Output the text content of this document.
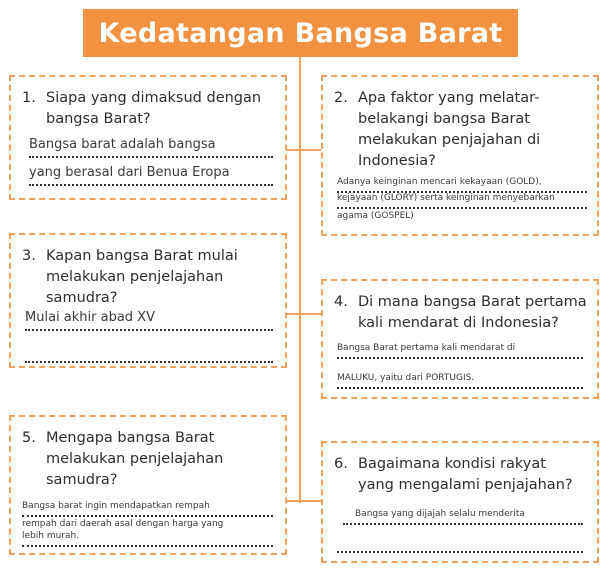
Kedatangan Bangsa Barat
1. Siapa yang dimaksud dengan
bangsa Barat?
Bangsa barat adalah bangsa
yang berasal dari Benua Eropa
2. Apa faktor yang melatar-
belakangi bangsa Barat
melakukan penjajahan di
Indonesia?
Adanya keinginan mencari kekayaan (GOLD),
kejayaan (GLORY) serta keinginan menyebarkan
agama (GOSPEL)
3. Kapan bangsa Barat mulai
melakukan penjelajahan
samudra?
Mulai akhir abad XV
4. Di mana bangsa Barat pertama
kali mendarat di Indonesia?
Bangsa Barat pertama kali mendarat di
MALUKU, yaitu dari PORTUGIS.
5. Mengapa bangsa Barat
melakukan penjelajahan
samudra?
Bangsa barat ingin mendapatkan rempah
rempah dari daerah asal dengan harga yang
lebih murah.
6. Bagaimana kondisi rakyat
yang mengalami penjajahan?
Bangsa yang dijajah selalu menderita
